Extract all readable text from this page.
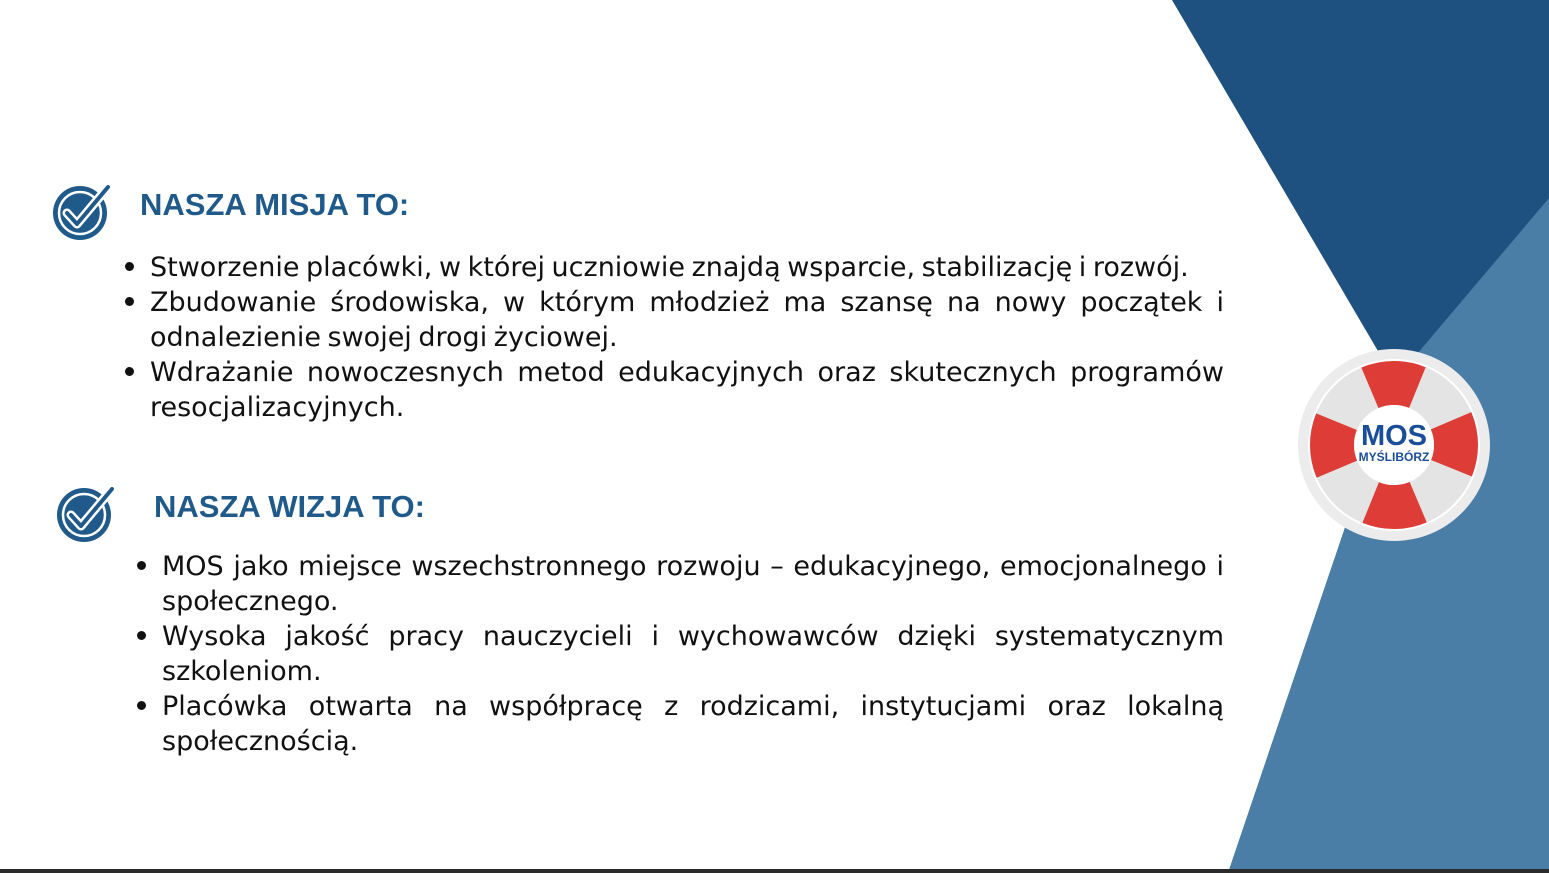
NASZA MISJA TO:
Stworzenie placówki, w której uczniowie znajdą wsparcie, stabilizację i rozwój.
Zbudowanie środowiska, w którym młodzież ma szansę na nowy początek i odnalezienie swojej drogi życiowej.
Wdrażanie nowoczesnych metod edukacyjnych oraz skutecznych programów resocjalizacyjnych.
NASZA WIZJA TO:
MOS jako miejsce wszechstronnego rozwoju – edukacyjnego, emocjonalnego i społecznego.
Wysoka jakość pracy nauczycieli i wychowawców dzięki systematycznym szkoleniom.
Placówka otwarta na współpracę z rodzicami, instytucjami oraz lokalną społecznością.
MOS
MYŚLIBÓRZ
